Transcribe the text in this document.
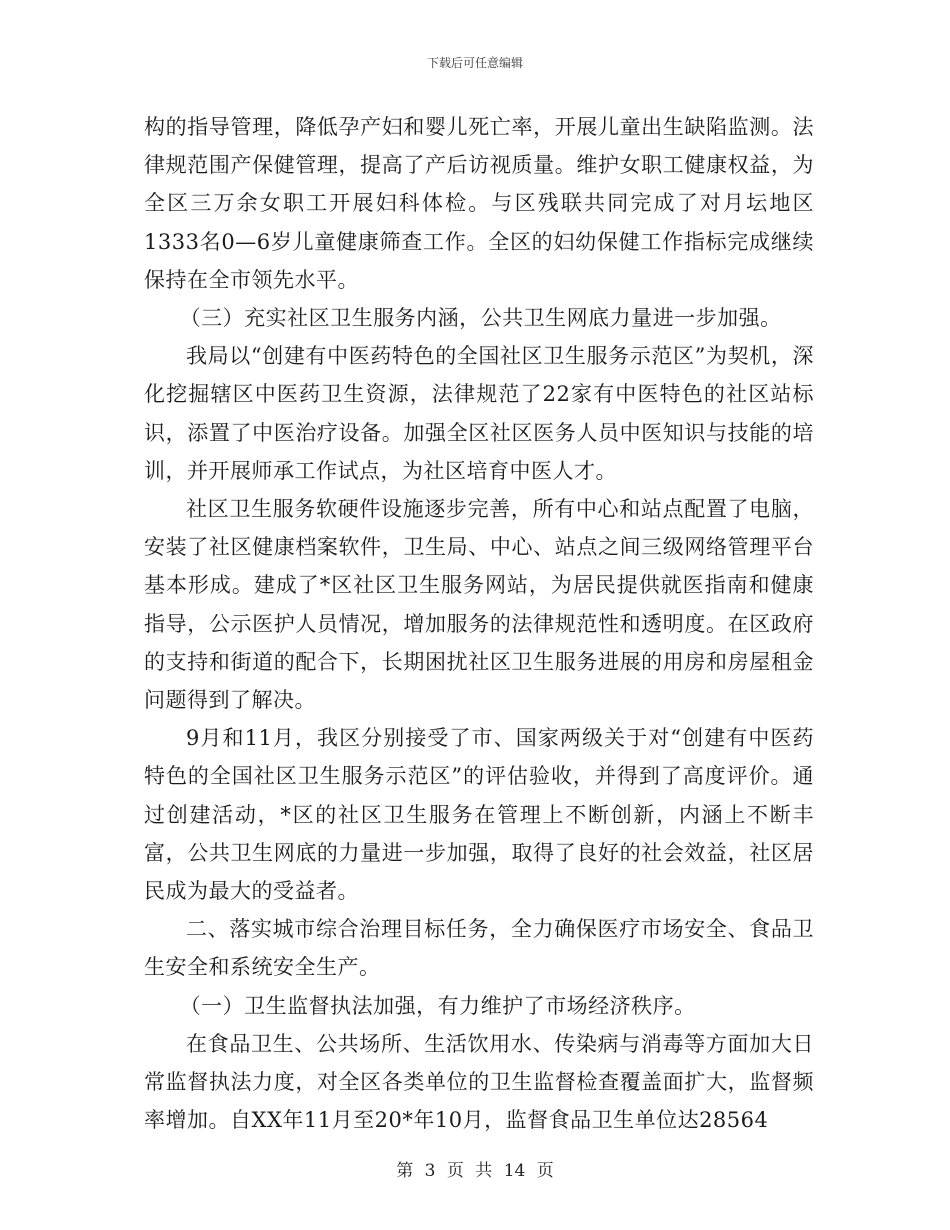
下载后可任意编辑

构的指导管理，降低孕产妇和婴儿死亡率，开展儿童出生缺陷监测。法律规范围产保健管理，提高了产后访视质量。维护女职工健康权益，为全区三万余女职工开展妇科体检。与区残联共同完成了对月坛地区1333名0—6岁儿童健康筛查工作。全区的妇幼保健工作指标完成继续保持在全市领先水平。

（三）充实社区卫生服务内涵，公共卫生网底力量进一步加强。

我局以“创建有中医药特色的全国社区卫生服务示范区”为契机，深化挖掘辖区中医药卫生资源，法律规范了22家有中医特色的社区站标识，添置了中医治疗设备。加强全区社区医务人员中医知识与技能的培训，并开展师承工作试点，为社区培育中医人才。

社区卫生服务软硬件设施逐步完善，所有中心和站点配置了电脑，安装了社区健康档案软件，卫生局、中心、站点之间三级网络管理平台基本形成。建成了*区社区卫生服务网站，为居民提供就医指南和健康指导，公示医护人员情况，增加服务的法律规范性和透明度。在区政府的支持和街道的配合下，长期困扰社区卫生服务进展的用房和房屋租金问题得到了解决。

9月和11月，我区分别接受了市、国家两级关于对“创建有中医药特色的全国社区卫生服务示范区”的评估验收，并得到了高度评价。通过创建活动，*区的社区卫生服务在管理上不断创新，内涵上不断丰富，公共卫生网底的力量进一步加强，取得了良好的社会效益，社区居民成为最大的受益者。

二、落实城市综合治理目标任务，全力确保医疗市场安全、食品卫生安全和系统安全生产。

（一）卫生监督执法加强，有力维护了市场经济秩序。

在食品卫生、公共场所、生活饮用水、传染病与消毒等方面加大日常监督执法力度，对全区各类单位的卫生监督检查覆盖面扩大，监督频率增加。自XX年11月至20*年10月，监督食品卫生单位达28564

第 3 页 共 14 页
